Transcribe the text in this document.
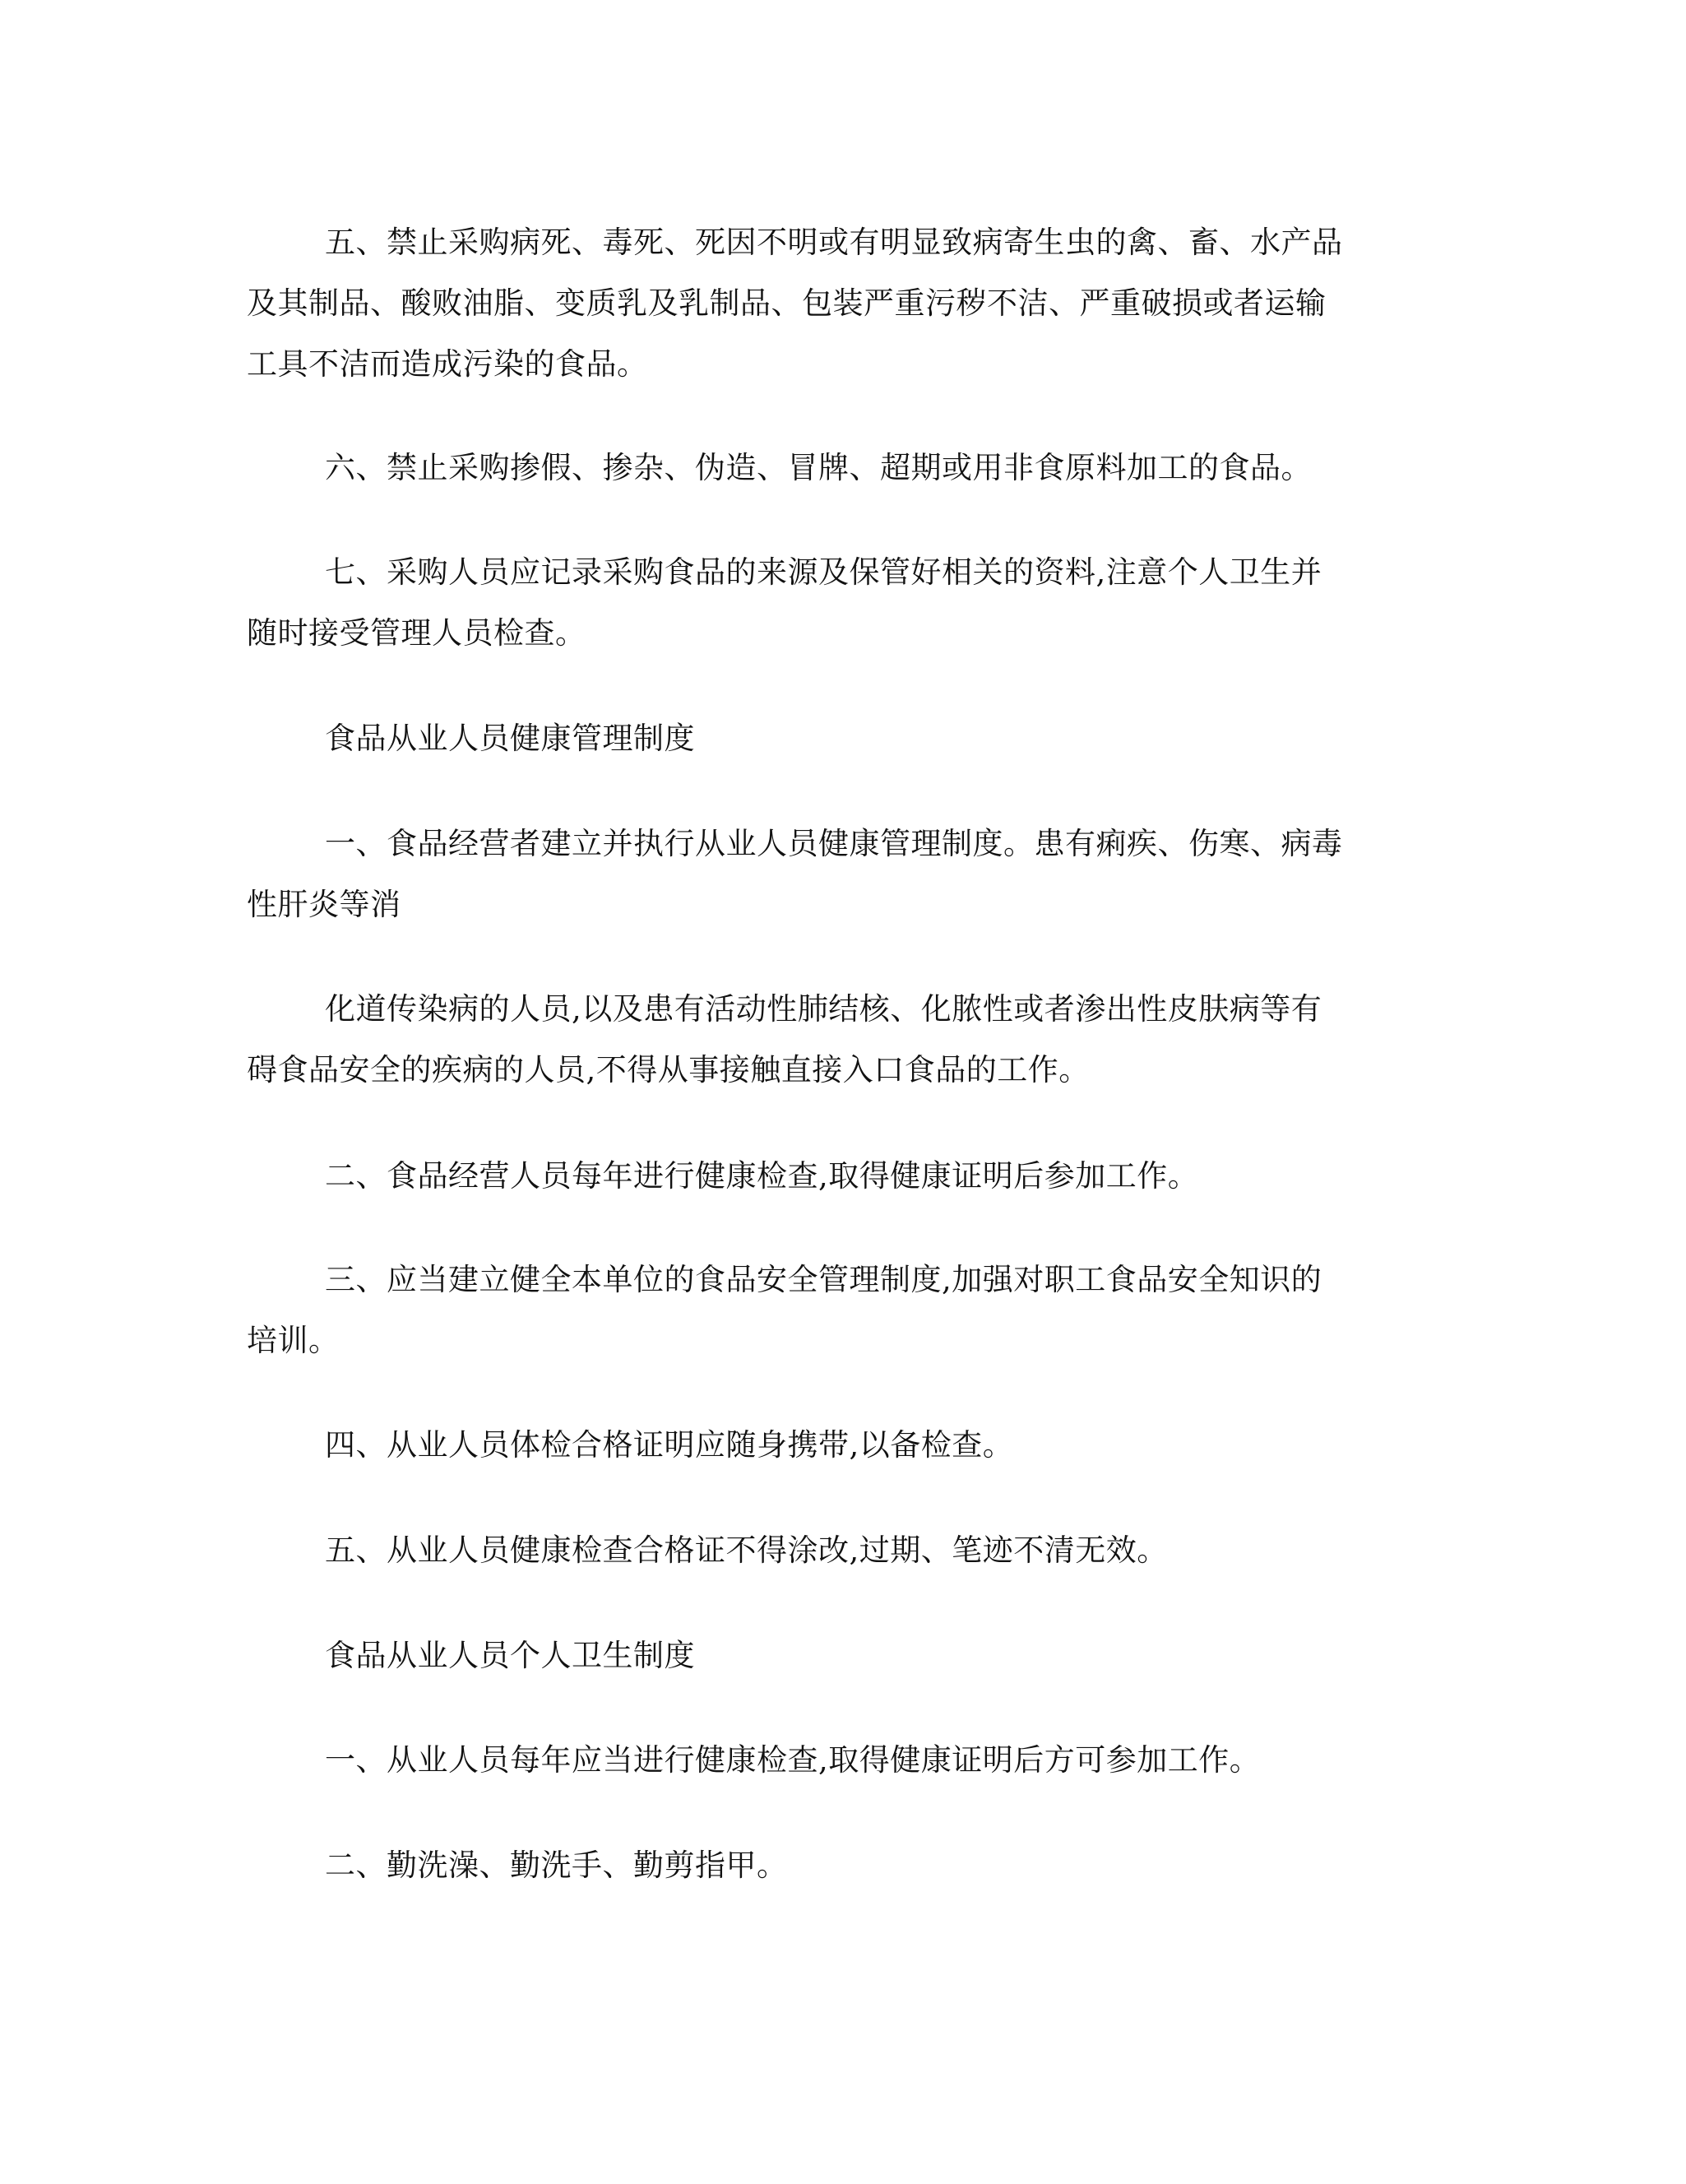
五、禁止采购病死、毒死、死因不明或有明显致病寄生虫的禽、畜、水产品及其制品、酸败油脂、变质乳及乳制品、包装严重污秽不洁、严重破损或者运输工具不洁而造成污染的食品。

六、禁止采购掺假、掺杂、伪造、冒牌、超期或用非食原料加工的食品。

七、采购人员应记录采购食品的来源及保管好相关的资料,注意个人卫生并随时接受管理人员检查。

食品从业人员健康管理制度

一、食品经营者建立并执行从业人员健康管理制度。患有痢疾、伤寒、病毒性肝炎等消

化道传染病的人员,以及患有活动性肺结核、化脓性或者渗出性皮肤病等有碍食品安全的疾病的人员,不得从事接触直接入口食品的工作。

二、食品经营人员每年进行健康检查,取得健康证明后参加工作。

三、应当建立健全本单位的食品安全管理制度,加强对职工食品安全知识的培训。

四、从业人员体检合格证明应随身携带,以备检查。

五、从业人员健康检查合格证不得涂改,过期、笔迹不清无效。

食品从业人员个人卫生制度

一、从业人员每年应当进行健康检查,取得健康证明后方可参加工作。

二、勤洗澡、勤洗手、勤剪指甲。
